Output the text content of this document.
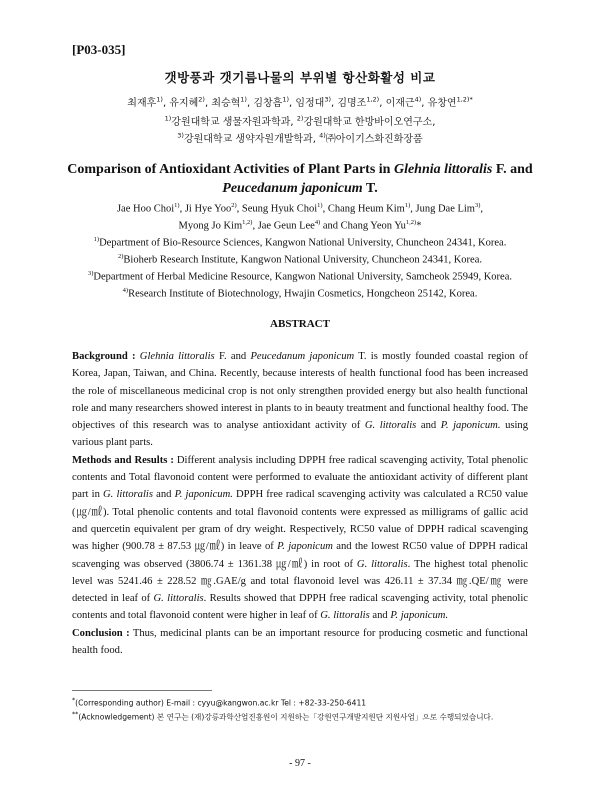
[P03-035]
갯방풍과 갯기름나물의 부위별 항산화활성 비교
최재후$^{1)}$, 유지혜$^{2)}$, 최승혁$^{1)}$, 김창흠$^{1)}$, 임정대$^{3)}$, 김명조$^{1,2)}$, 이재근$^{4)}$, 유창연$^{1,2)*}$
$^{1)}$강원대학교 생물자원과학과, $^{2)}$강원대학교 한방바이오연구소,
$^{3)}$강원대학교 생약자원개발학과, $^{4)}$㈜아이기스화진화장품
Comparison of Antioxidant Activities of Plant Parts in Glehnia littoralis F. and
Peucedanum japonicum T.
Jae Hoo Choi$^{1)}$, Ji Hye Yoo$^{2)}$, Seung Hyuk Choi$^{1)}$, Chang Heum Kim$^{1)}$, Jung Dae Lim$^{3)}$,
Myong Jo Kim$^{1,2)}$, Jae Geun Lee$^{4)}$ and Chang Yeon Yu$^{1,2)}$*
$^{1)}$Department of Bio-Resource Sciences, Kangwon National University, Chuncheon 24341, Korea.
$^{2)}$Bioherb Research Institute, Kangwon National University, Chuncheon 24341, Korea.
$^{3)}$Department of Herbal Medicine Resource, Kangwon National University, Samcheok 25949, Korea.
$^{4)}$Research Institute of Biotechnology, Hwajin Cosmetics, Hongcheon 25142, Korea.
ABSTRACT

Background : Glehnia littoralis F. and Peucedanum japonicum T. is mostly founded coastal region of Korea, Japan, Taiwan, and China. Recently, because interests of health functional food has been increased the role of miscellaneous medicinal crop is not only strengthen provided energy but also health functional role and many researchers showed interest in plants to in beauty treatment and functional healthy food. The objectives of this research was to analyse antioxidant activity of G. littoralis and P. japonicum. using various plant parts.

Methods and Results : Different analysis including DPPH free radical scavenging activity, Total phenolic contents and Total flavonoid content were performed to evaluate the antioxidant activity of different plant part in G. littoralis and P. japonicum. DPPH free radical scavenging activity was calculated a RC50 value (㎍/㎖). Total phenolic contents and total flavonoid contents were expressed as milligrams of gallic acid and quercetin equivalent per gram of dry weight. Respectively, RC50 value of DPPH radical scavenging was higher (900.78 ± 87.53 ㎍/㎖) in leave of P. japonicum and the lowest RC50 value of DPPH radical scavenging was observed (3806.74 ± 1361.38 ㎍/㎖) in root of G. littoralis. The highest total phenolic level was 5241.46 ± 228.52 ㎎.GAE/g and total flavonoid level was 426.11 ± 37.34 ㎎.QE/㎎ were detected in leaf of G. littoralis. Results showed that DPPH free radical scavenging activity, total phenolic contents and total flavonoid content were higher in leaf of G. littoralis and P. japonicum.

Conclusion : Thus, medicinal plants can be an important resource for producing cosmetic and functional health food.

*(Corresponding author) E-mail : cyyu@kangwon.ac.kr Tel : +82-33-250-6411
**(Acknowledgement) 본 연구는 (재)강릉과학산업진흥원이 지원하는「강원연구개발지원단 지원사업」으로 수행되었습니다.
- 97 -
